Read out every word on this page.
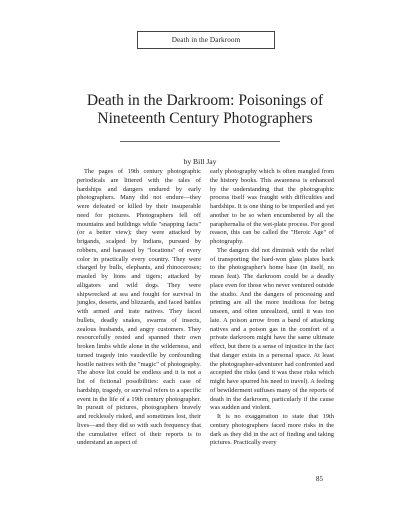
Death in the Darkroom
Death in the Darkroom: Poisonings of
Nineteenth Century Photographers
by Bill Jay

The pages of 19th century photographic periodicals are littered with the tales of hardships and dangers endured by early photographers. Many did not endure—they were defeated or killed by their insuperable need for pictures. Photographers fell off mountains and buildings while "snapping facts" (or a better view); they were attacked by brigands, scalped by Indians, pursued by robbers, and harassed by "locations" of every color in practically every country. They were charged by bulls, elephants, and rhinoceroses; mauled by lions and tigers; attacked by alligators and wild dogs. They were shipwrecked at sea and fought for survival in jungles, deserts, and blizzards, and faced battles with armed and irate natives. They faced bullets, deadly snakes, swarms of insects, zealous husbands, and angry customers. They resourcefully rested and spanned their own broken limbs while alone in the wilderness, and turned tragedy into vaudeville by confounding hostile natives with the "magic" of photography. The above list could be endless and it is not a list of fictional possibilities: each case of hardship, tragedy, or survival refers to a specific event in the life of a 19th century photographer. In pursuit of pictures, photographers bravely and recklessly risked, and sometimes lost, their lives—and they did so with such frequency that the cumulative effect of their reports is to understand an aspect of

early photography which is often mangled from the history books. This awareness is enhanced by the understanding that the photographic process itself was fraught with difficulties and hardships. It is one thing to be imperiled and yet another to be so when encumbered by all the paraphernalia of the wet-plate process. For good reason, this can be called the "Heroic Age" of photography.

The dangers did not diminish with the relief of transporting the hard-won glass plates back to the photographer's home base (in itself, no mean feat). The darkroom could be a deadly place even for those who never ventured outside the studio. And the dangers of processing and printing are all the more insidious for being unseen, and often unrealized, until it was too late. A poison arrow from a band of attacking natives and a poison gas in the comfort of a private darkroom might have the same ultimate effect, but there is a sense of injustice in the fact that danger exists in a personal space. At least the photographer-adventurer had confronted and accepted the risks (and it was these risks which might have spurred his need to travel). A feeling of bewilderment suffuses many of the reports of death in the darkroom, particularly if the cause was sudden and violent.

It is no exaggeration to state that 19th century photographers faced more risks in the dark as they did in the act of finding and taking pictures. Practically every

85
